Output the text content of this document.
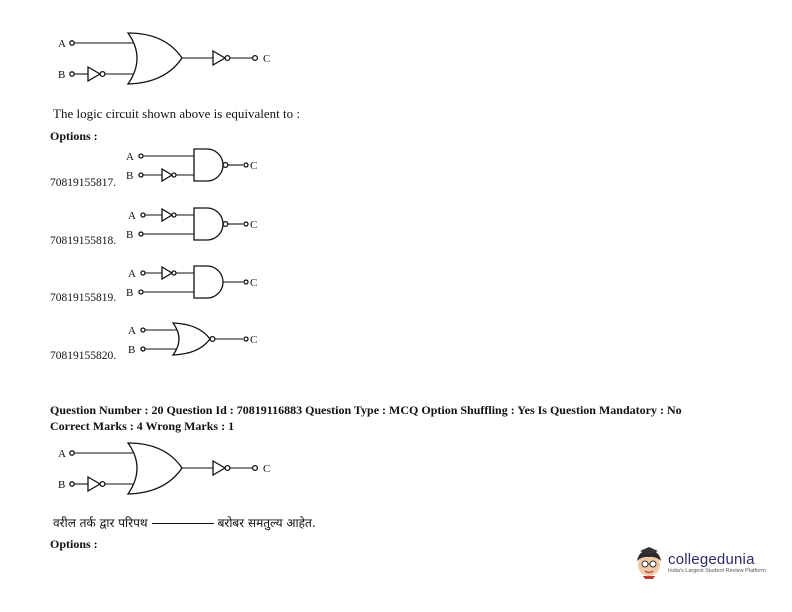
A
B
C
The logic circuit shown above is equivalent to :
Options :
70819155817.
A
B
C
70819155818.
A
B
C
70819155819.
A
B
C
70819155820.
A
B
C
Question Number : 20 Question Id : 70819116883 Question Type : MCQ Option Shuffling : Yes Is Question Mandatory : No
Correct Marks : 4 Wrong Marks : 1
A
B
C
वरील तर्क द्वार परिपथ	बरोबर समतुल्य आहेत.
Options :
collegedunia
India's Largest Student Review Platform
